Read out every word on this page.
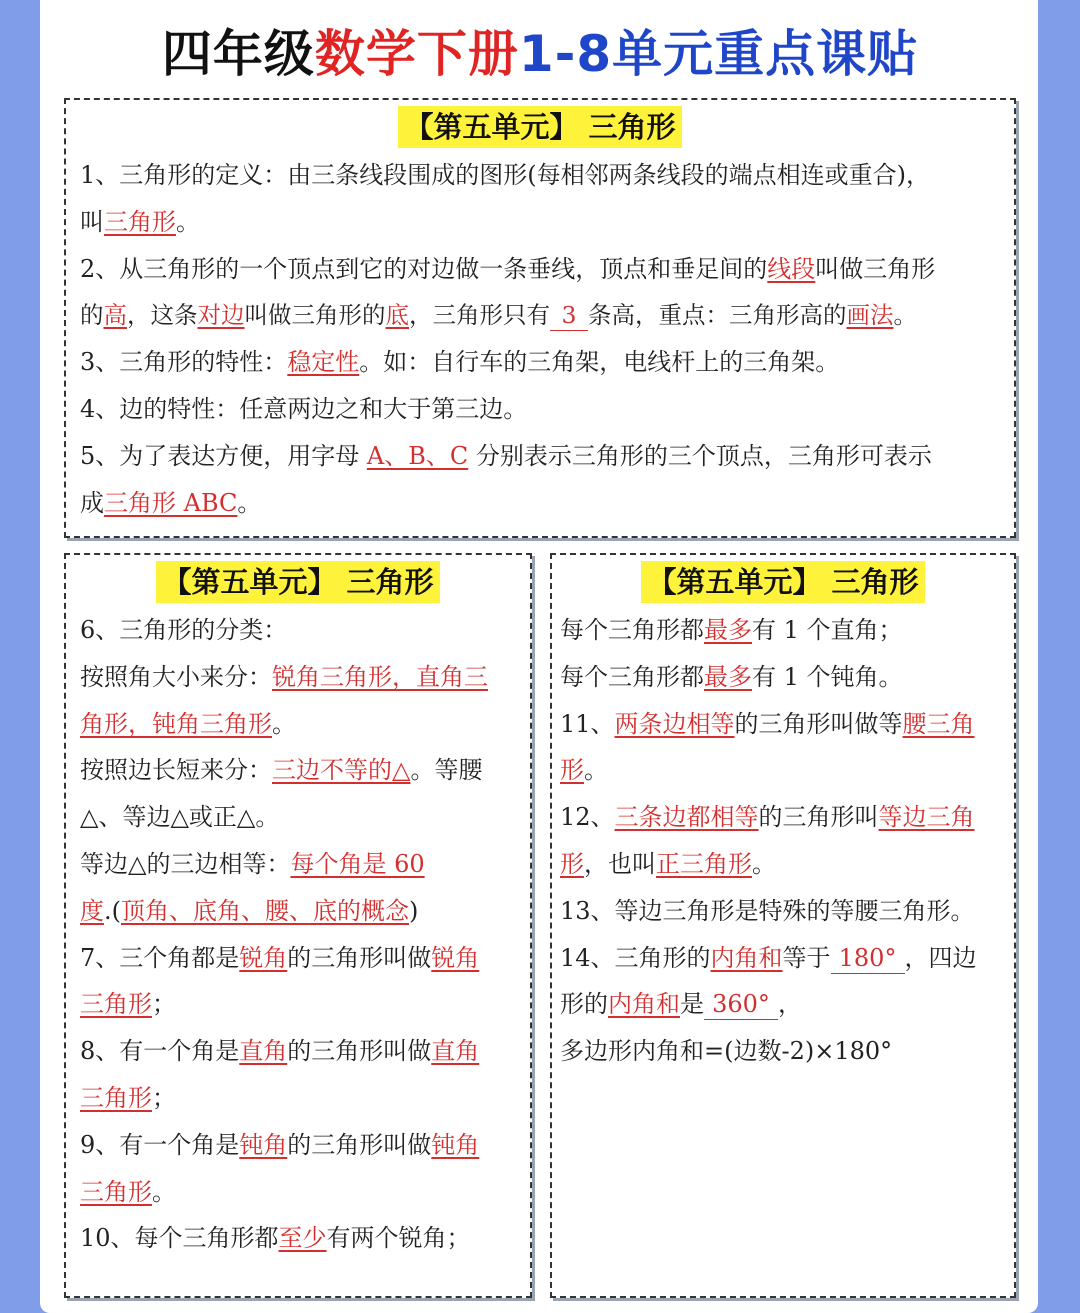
四年级数学下册1-8单元重点课贴
【第五单元】 三角形
1、三角形的定义：由三条线段围成的图形(每相邻两条线段的端点相连或重合)，
叫三角形。
2、从三角形的一个顶点到它的对边做一条垂线，顶点和垂足间的线段叫做三角形
的高，这条对边叫做三角形的底，三角形只有 3 条高，重点：三角形高的画法。
3、三角形的特性：稳定性。如：自行车的三角架，电线杆上的三角架。
4、边的特性：任意两边之和大于第三边。
5、为了表达方便，用字母 A、B、C 分别表示三角形的三个顶点，三角形可表示
成三角形 ABC。
【第五单元】 三角形
6、三角形的分类：
按照角大小来分：锐角三角形，直角三
角形，钝角三角形。
按照边长短来分：三边不等的△。等腰
△、等边△或正△。
等边△的三边相等：每个角是 60
度.(顶角、底角、腰、底的概念)
7、三个角都是锐角的三角形叫做锐角
三角形；
8、有一个角是直角的三角形叫做直角
三角形；
9、有一个角是钝角的三角形叫做钝角
三角形。
10、每个三角形都至少有两个锐角；
【第五单元】 三角形
每个三角形都最多有 1 个直角；
每个三角形都最多有 1 个钝角。
11、两条边相等的三角形叫做等腰三角
形。
12、三条边都相等的三角形叫等边三角
形，也叫正三角形。
13、等边三角形是特殊的等腰三角形。
14、三角形的内角和等于 180° ，四边
形的内角和是 360° ，
多边形内角和=(边数-2)×180°
